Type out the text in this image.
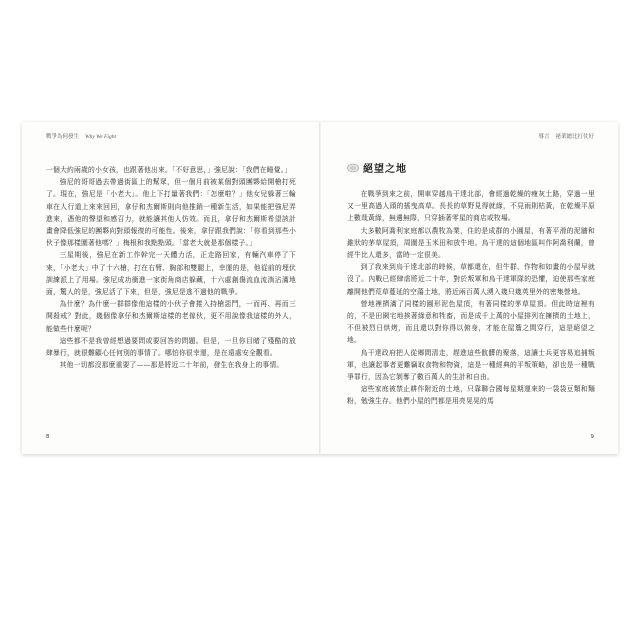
戰爭為何發生 Why We Fight

一個大約兩歲的小女孩，也跟著他出來。「不好意思，」強尼說：「我們在睡覺。」

強尼的哥哥過去帶過街區上的幫眾，但一個月前被某個對頭團夥給開槍打死了。現在，強尼是「小老大」。他上下打量著我們：「怎麼啦？」他女兒躲著三輪車在人行道上來來回回，拿仔和杰爾斯則向他推銷一種新生活，如果能把強尼弄進來，憑他的聲望和感召力，就能讓其他人仿效。而且，拿仔和杰爾斯希望該計畫會降低強尼的團夥向對頭報復的可能性。後來，拿仔跟我們說：「你看到那些小伙子像那樣圍著他嗎？」梅根和我點點頭。「當老大就是那個樣子。」

三星期後，強尼在新工作幹完一天體力活，正走路回家，有輛汽車停了下來，「小老大」中了十六槍，打在右臂、胸部和雙腿上，幸運的是，他從前的埋伏訓練派上了用場。強尼成功衝進一家街角商店躲藏，十六處創傷流血流淌沾滿地面，驚人的是，強尼活了下來，但是，強尼是逃不過他的戰爭。

為什麼？為什麼一群群像他這樣的小伙子會捲入持槍惡鬥，一而再、再而三開殺戒？對此，幾個像拿仔和杰爾斯這樣的老傢伙，更不用說像我這樣的外人，能做些什麼呢？

這些都不是我曾經想過要問或要回答的問題。但是，一旦你目睹了殘酷的放肆暴行，就很難顧心任何別的事情了。哪怕你很幸運，是在遠處安全觀看。

其他一切都沒那麼重要了——那是將近二十年前，發生在我身上的事情。

8
導言 祕業總比打仗好
絕望之地

在戰爭到來之前，開車穿越烏干達北部，會經過乾燥的瘦灰土路，穿過一里又一里高過人頭的搖曳高草。長長的草野見得就綠，不見雨則枯黃，在乾燥平原上數哉黃綠，無邊無際，只穿插著零星的商店或牧場。

大多數阿喬利家庭都以農牧為業，住的是成群的小圓屋，有著平滑的泥牆和錐狀的茅草屋頂，周圍是玉米田和放牛地。烏干達的這個地區叫作阿喬利蘭，曾經牛比人還多，當時一定很美。

到了我來到烏干達北部的時候，草都還在，但牛群、作物和如畫的小屋早就沒了。內戰已經肆虐將近二十年，對於叛軍和烏干達軍隊的恐懼，迫使那些家庭離開他們荒草蔓延的空蕩土地，將近兩百萬人湧入幾只幾英里外的密集營地。

營地裡擠滿了同樣的圓形泥色屋頂，有著同樣的茅草屋頂。但此時這裡有的，不是田園宅地挨著綠意和牲畜，而是成千上萬的小屋排列在擁擠的土地上，不但被烈日烘烤，而且還以對你得以俯身，才能在屋簷之間穿行，這是絕望之地。

烏干達政府把人從鄉間清走，趕進這些骯髒的聚落，這讓士兵更容易追捕叛軍，也讓起事者更難竊取食物和物資，這是一種經典的平叛策略，卻也是一種戰爭罪行，因為它剝奪了數百萬人的生計和自由。

這些家庭被禁止耕作附近的土地，只靠聯合國每星期運來的一袋袋豆類和麵粉，勉強生存。他們小屋的門都是用亮晃晃的馬

9
